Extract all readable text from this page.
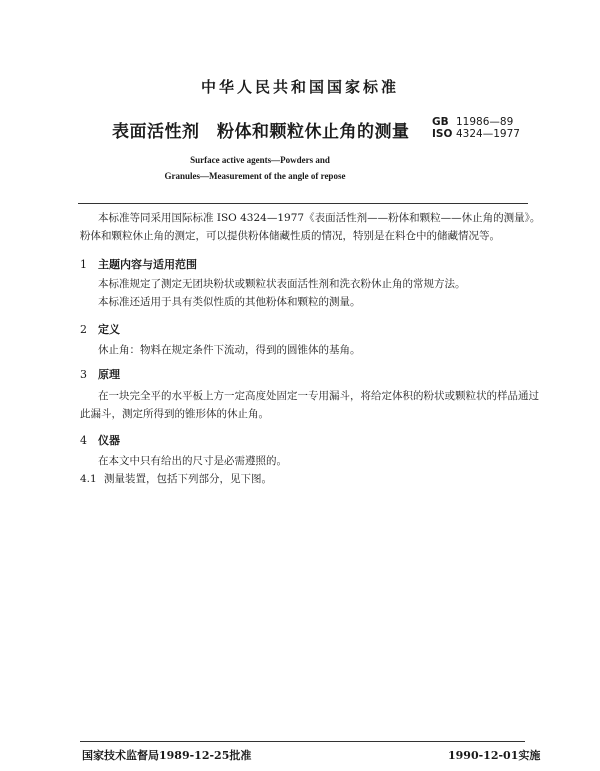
中华人民共和国国家标准
表面活性剂　粉体和颗粒休止角的测量 GB 11986—89
ISO 4324—1977
Surface active agents—Powders and
Granules—Measurement of the angle of repose
本标准等同采用国际标准 ISO 4324—1977《表面活性剂——粉体和颗粒——休止角的测量》。
粉体和颗粒休止角的测定，可以提供粉体储藏性质的情况，特别是在料仓中的储藏情况等。
1 主题内容与适用范围
本标准规定了测定无团块粉状或颗粒状表面活性剂和洗衣粉休止角的常规方法。
本标准还适用于具有类似性质的其他粉体和颗粒的测量。
2 定义
休止角：物料在规定条件下流动，得到的圆锥体的基角。
3 原理
在一块完全平的水平板上方一定高度处固定一专用漏斗，将给定体积的粉状或颗粒状的样品通过
此漏斗，测定所得到的锥形体的休止角。
4 仪器
在本文中只有给出的尺寸是必需遵照的。
4.1 测量装置，包括下列部分，见下图。
国家技术监督局1989-12-25批准	1990-12-01实施
